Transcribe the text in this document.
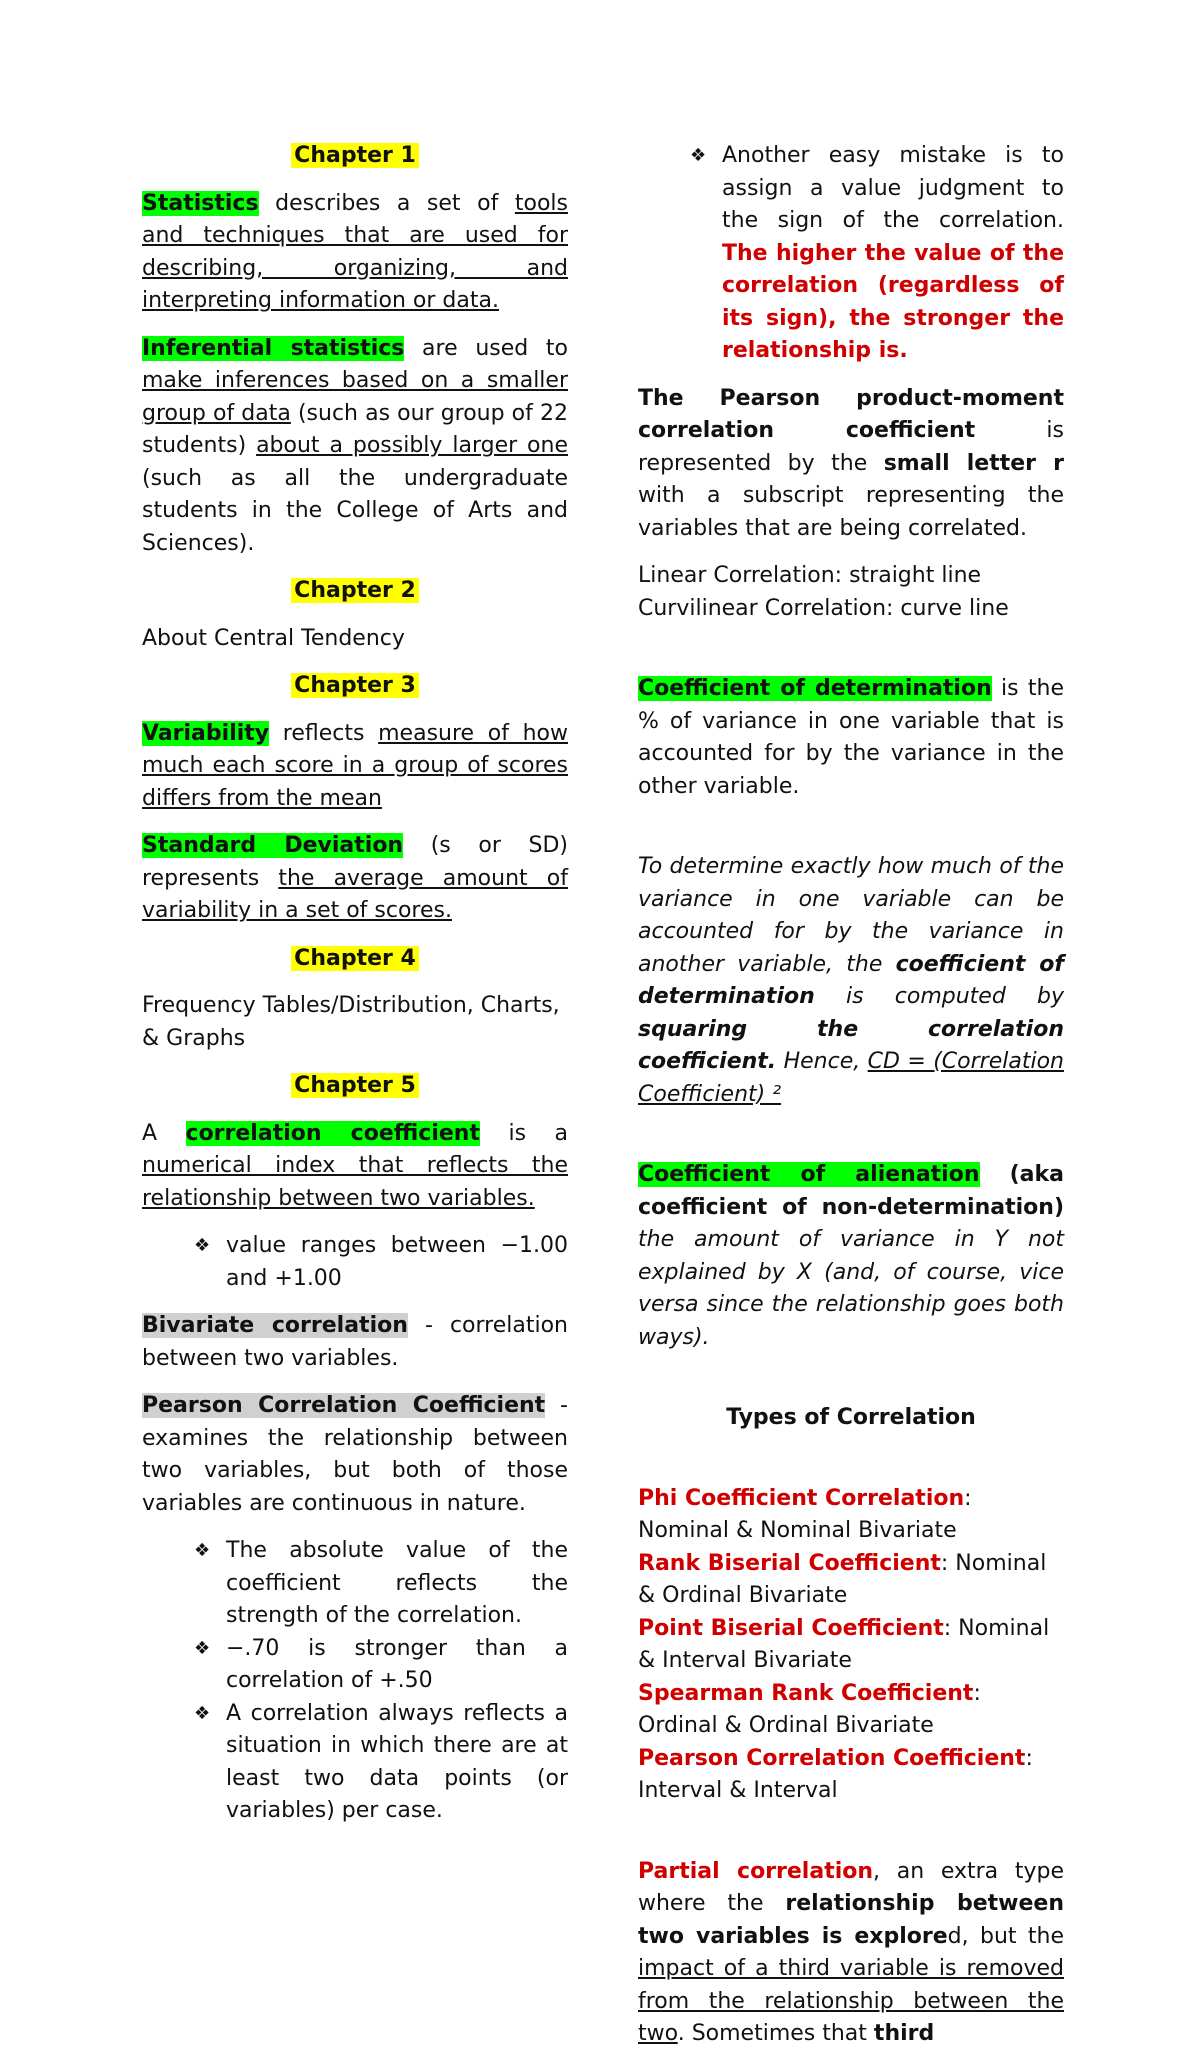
Chapter 1

Statistics describes a set of tools and techniques that are used for describing, organizing, and interpreting information or data.

Inferential statistics are used to make inferences based on a smaller group of data (such as our group of 22 students) about a possibly larger one (such as all the undergraduate students in the College of Arts and Sciences).

Chapter 2

About Central Tendency

Chapter 3

Variability reflects measure of how much each score in a group of scores differs from the mean

Standard Deviation (s or SD) represents the average amount of variability in a set of scores.

Chapter 4

Frequency Tables/Distribution, Charts, & Graphs

Chapter 5

A correlation coefficient is a numerical index that reflects the relationship between two variables.

❖ value ranges between −1.00 and +1.00

Bivariate correlation - correlation between two variables.

Pearson Correlation Coefficient - examines the relationship between two variables, but both of those variables are continuous in nature.

❖ The absolute value of the coefficient reflects the strength of the correlation.
❖ −.70 is stronger than a correlation of +.50
❖ A correlation always reflects a situation in which there are at least two data points (or variables) per case.
❖ Another easy mistake is to assign a value judgment to the sign of the correlation. The higher the value of the correlation (regardless of its sign), the stronger the relationship is.

The Pearson product-moment correlation coefficient is represented by the small letter r with a subscript representing the variables that are being correlated.

Linear Correlation: straight line

Curvilinear Correlation: curve line

Coefficient of determination is the % of variance in one variable that is accounted for by the variance in the other variable.

To determine exactly how much of the variance in one variable can be accounted for by the variance in another variable, the coefficient of determination is computed by squaring the correlation coefficient. Hence, CD = (Correlation Coefficient) ²

Coefficient of alienation (aka coefficient of non-determination) the amount of variance in Y not explained by X (and, of course, vice versa since the relationship goes both ways).

Types of Correlation

Phi Coefficient Correlation: Nominal & Nominal Bivariate

Rank Biserial Coefficient: Nominal & Ordinal Bivariate

Point Biserial Coefficient: Nominal & Interval Bivariate

Spearman Rank Coefficient: Ordinal & Ordinal Bivariate

Pearson Correlation Coefficient: Interval & Interval

Partial correlation, an extra type where the relationship between two variables is explored, but the impact of a third variable is removed from the relationship between the two. Sometimes that third
